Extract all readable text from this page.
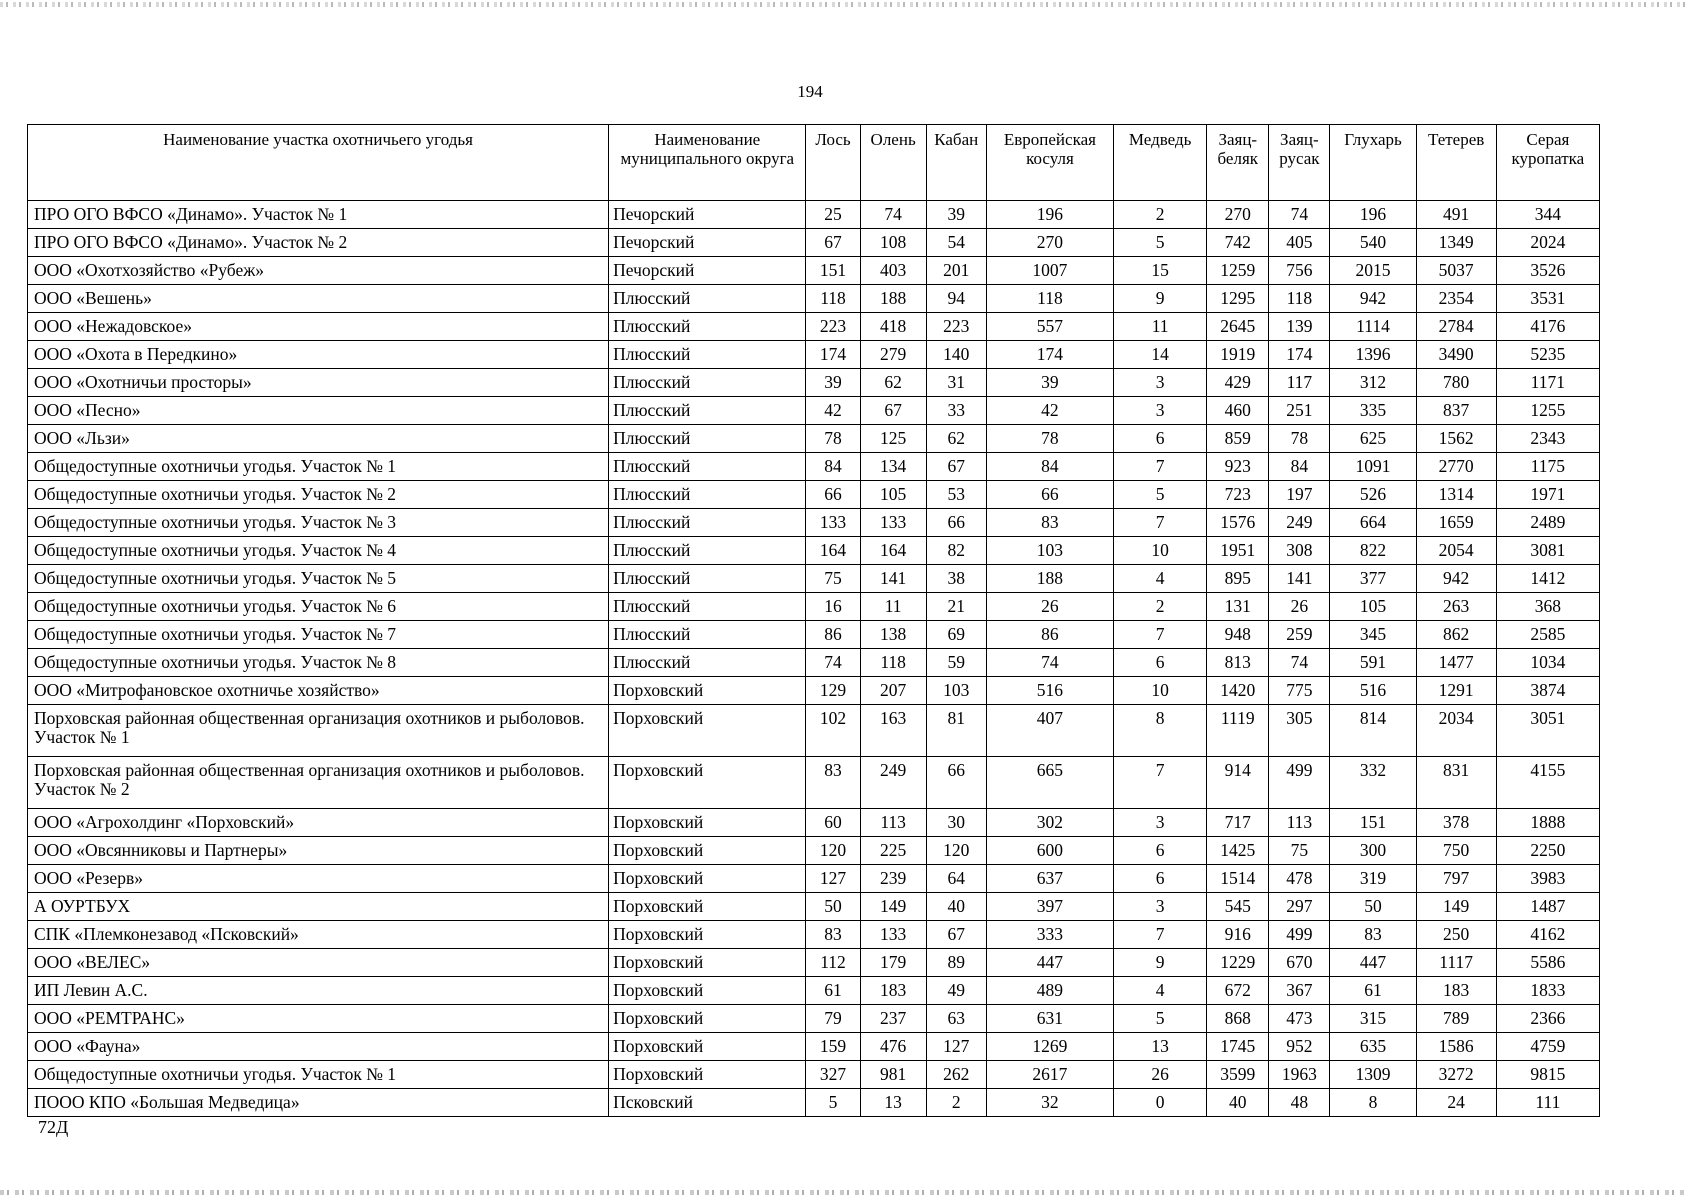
194
Наименование участка охотничьего угодья	Наименование муниципального округа	Лось	Олень	Кабан	Европейская косуля	Медведь	Заяц-беляк	Заяц-русак	Глухарь	Тетерев	Серая куропатка
ПРО ОГО ВФСО «Динамо». Участок № 1	Печорский	25	74	39	196	2	270	74	196	491	344
ПРО ОГО ВФСО «Динамо». Участок № 2	Печорский	67	108	54	270	5	742	405	540	1349	2024
ООО «Охотхозяйство «Рубеж»	Печорский	151	403	201	1007	15	1259	756	2015	5037	3526
ООО «Вешень»	Плюсский	118	188	94	118	9	1295	118	942	2354	3531
ООО «Нежадовское»	Плюсский	223	418	223	557	11	2645	139	1114	2784	4176
ООО «Охота в Передкино»	Плюсский	174	279	140	174	14	1919	174	1396	3490	5235
ООО «Охотничьи просторы»	Плюсский	39	62	31	39	3	429	117	312	780	1171
ООО «Песно»	Плюсский	42	67	33	42	3	460	251	335	837	1255
ООО «Льзи»	Плюсский	78	125	62	78	6	859	78	625	1562	2343
Общедоступные охотничьи угодья. Участок № 1	Плюсский	84	134	67	84	7	923	84	1091	2770	1175
Общедоступные охотничьи угодья. Участок № 2	Плюсский	66	105	53	66	5	723	197	526	1314	1971
Общедоступные охотничьи угодья. Участок № 3	Плюсский	133	133	66	83	7	1576	249	664	1659	2489
Общедоступные охотничьи угодья. Участок № 4	Плюсский	164	164	82	103	10	1951	308	822	2054	3081
Общедоступные охотничьи угодья. Участок № 5	Плюсский	75	141	38	188	4	895	141	377	942	1412
Общедоступные охотничьи угодья. Участок № 6	Плюсский	16	11	21	26	2	131	26	105	263	368
Общедоступные охотничьи угодья. Участок № 7	Плюсский	86	138	69	86	7	948	259	345	862	2585
Общедоступные охотничьи угодья. Участок № 8	Плюсский	74	118	59	74	6	813	74	591	1477	1034
ООО «Митрофановское охотничье хозяйство»	Порховский	129	207	103	516	10	1420	775	516	1291	3874
Порховская районная общественная организация охотников и рыболовов. Участок № 1	Порховский	102	163	81	407	8	1119	305	814	2034	3051
Порховская районная общественная организация охотников и рыболовов. Участок № 2	Порховский	83	249	66	665	7	914	499	332	831	4155
ООО «Агрохолдинг «Порховский»	Порховский	60	113	30	302	3	717	113	151	378	1888
ООО «Овсянниковы и Партнеры»	Порховский	120	225	120	600	6	1425	75	300	750	2250
ООО «Резерв»	Порховский	127	239	64	637	6	1514	478	319	797	3983
А ОУРТБУХ	Порховский	50	149	40	397	3	545	297	50	149	1487
СПК «Племконезавод «Псковский»	Порховский	83	133	67	333	7	916	499	83	250	4162
ООО «ВЕЛЕС»	Порховский	112	179	89	447	9	1229	670	447	1117	5586
ИП Левин А.С.	Порховский	61	183	49	489	4	672	367	61	183	1833
ООО «РЕМТРАНС»	Порховский	79	237	63	631	5	868	473	315	789	2366
ООО «Фауна»	Порховский	159	476	127	1269	13	1745	952	635	1586	4759
Общедоступные охотничьи угодья. Участок № 1	Порховский	327	981	262	2617	26	3599	1963	1309	3272	9815
ПООО КПО «Большая Медведица»	Псковский	5	13	2	32	0	40	48	8	24	111
72Д
